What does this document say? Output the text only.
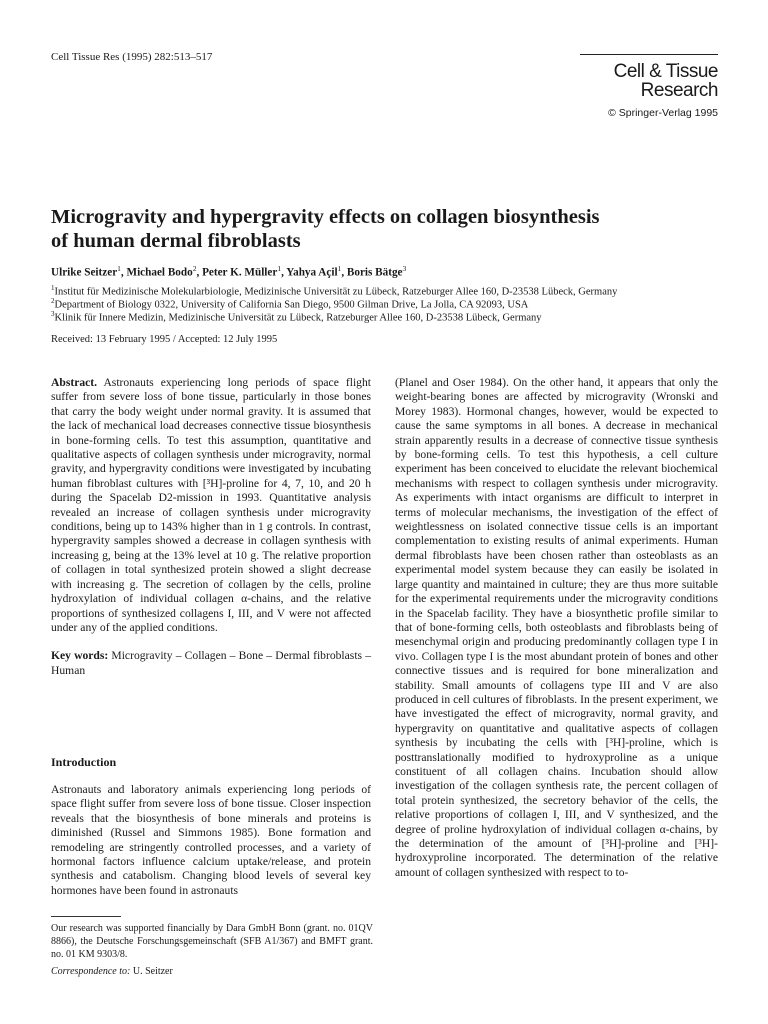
Cell Tissue Res (1995) 282:513–517
Cell & Tissue
Research
© Springer-Verlag 1995
Microgravity and hypergravity effects on collagen biosynthesis
of human dermal fibroblasts
Ulrike Seitzer$^1$, Michael Bodo$^2$, Peter K. Müller$^1$, Yahya Açil$^1$, Boris Bätge$^3$
$^1$Institut für Medizinische Molekularbiologie, Medizinische Universität zu Lübeck, Ratzeburger Allee 160, D-23538 Lübeck, Germany
$^2$Department of Biology 0322, University of California San Diego, 9500 Gilman Drive, La Jolla, CA 92093, USA
$^3$Klinik für Innere Medizin, Medizinische Universität zu Lübeck, Ratzeburger Allee 160, D-23538 Lübeck, Germany
Received: 13 February 1995 / Accepted: 12 July 1995

Abstract. Astronauts experiencing long periods of space flight suffer from severe loss of bone tissue, particularly in those bones that carry the body weight under normal gravity. It is assumed that the lack of mechanical load decreases connective tissue biosynthesis in bone-forming cells. To test this assumption, quantitative and qualitative aspects of collagen synthesis under microgravity, normal gravity, and hypergravity conditions were investigated by incubating human fibroblast cultures with [³H]-proline for 4, 7, 10, and 20 h during the Spacelab D2-mission in 1993. Quantitative analysis revealed an increase of collagen synthesis under microgravity conditions, being up to 143% higher than in 1 g controls. In contrast, hypergravity samples showed a decrease in collagen synthesis with increasing g, being at the 13% level at 10 g. The relative proportion of collagen in total synthesized protein showed a slight decrease with increasing g. The secretion of collagen by the cells, proline hydroxylation of individual collagen α-chains, and the relative proportions of synthesized collagens I, III, and V were not affected under any of the applied conditions.

Key words: Microgravity – Collagen – Bone – Dermal fibroblasts – Human

Introduction
Astronauts and laboratory animals experiencing long periods of space flight suffer from severe loss of bone tissue. Closer inspection reveals that the biosynthesis of bone minerals and proteins is diminished (Russel and Simmons 1985). Bone formation and remodeling are stringently controlled processes, and a variety of hormonal factors influence calcium uptake/release, and protein synthesis and catabolism. Changing blood levels of several key hormones have been found in astronauts
Our research was supported financially by Dara GmbH Bonn (grant. no. 01QV 8866), the Deutsche Forschungsgemeinschaft (SFB A1/367) and BMFT grant. no. 01 KM 9303/8.
Correspondence to: U. Seitzer
(Planel and Oser 1984). On the other hand, it appears that only the weight-bearing bones are affected by microgravity (Wronski and Morey 1983). Hormonal changes, however, would be expected to cause the same symptoms in all bones. A decrease in mechanical strain apparently results in a decrease of connective tissue synthesis by bone-forming cells. To test this hypothesis, a cell culture experiment has been conceived to elucidate the relevant biochemical mechanisms with respect to collagen synthesis under microgravity. As experiments with intact organisms are difficult to interpret in terms of molecular mechanisms, the investigation of the effect of weightlessness on isolated connective tissue cells is an important complementation to existing results of animal experiments. Human dermal fibroblasts have been chosen rather than osteoblasts as an experimental model system because they can easily be isolated in large quantity and maintained in culture; they are thus more suitable for the experimental requirements under the microgravity conditions in the Spacelab facility. They have a biosynthetic profile similar to that of bone-forming cells, both osteoblasts and fibroblasts being of mesenchymal origin and producing predominantly collagen type I in vivo. Collagen type I is the most abundant protein of bones and other connective tissues and is required for bone mineralization and stability. Small amounts of collagens type III and V are also produced in cell cultures of fibroblasts. In the present experiment, we have investigated the effect of microgravity, normal gravity, and hypergravity on quantitative and qualitative aspects of collagen synthesis by incubating the cells with [³H]-proline, which is posttranslationally modified to hydroxyproline as a unique constituent of all collagen chains. Incubation should allow investigation of the collagen synthesis rate, the percent collagen of total protein synthesized, the secretory behavior of the cells, the relative proportions of collagen I, III, and V synthesized, and the degree of proline hydroxylation of individual collagen α-chains, by the determination of the amount of [³H]-proline and [³H]-hydroxyproline incorporated. The determination of the relative amount of collagen synthesized with respect to to-
